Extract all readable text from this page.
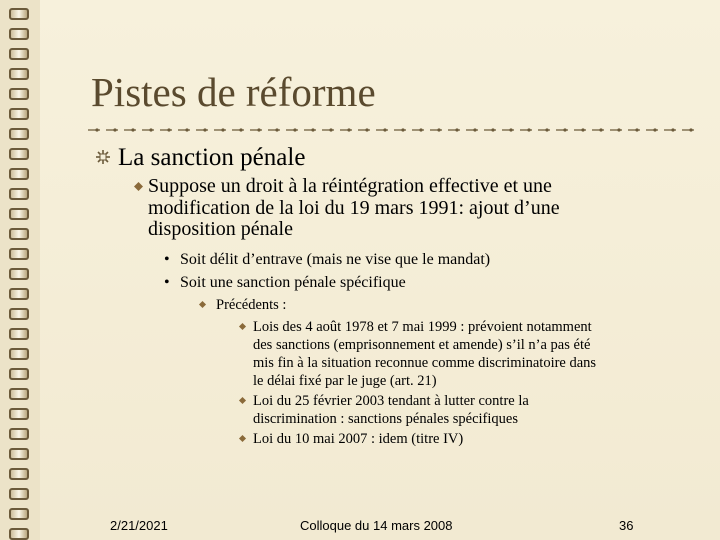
Pistes de réforme
La sanction pénale
Suppose un droit à la réintégration effective et une
modification de la loi du 19 mars 1991: ajout d’une
disposition pénale
• Soit délit d’entrave (mais ne vise que le mandat)
• Soit une sanction pénale spécifique
Précédents :
Lois des 4 août 1978 et 7 mai 1999 : prévoient notamment
des sanctions (emprisonnement et amende) s’il n’a pas été
mis fin à la situation reconnue comme discriminatoire dans
le délai fixé par le juge (art. 21)
Loi du 25 février 2003 tendant à lutter contre la
discrimination : sanctions pénales spécifiques
Loi du 10 mai 2007 : idem (titre IV)
2/21/2021	Colloque du 14 mars 2008	36
